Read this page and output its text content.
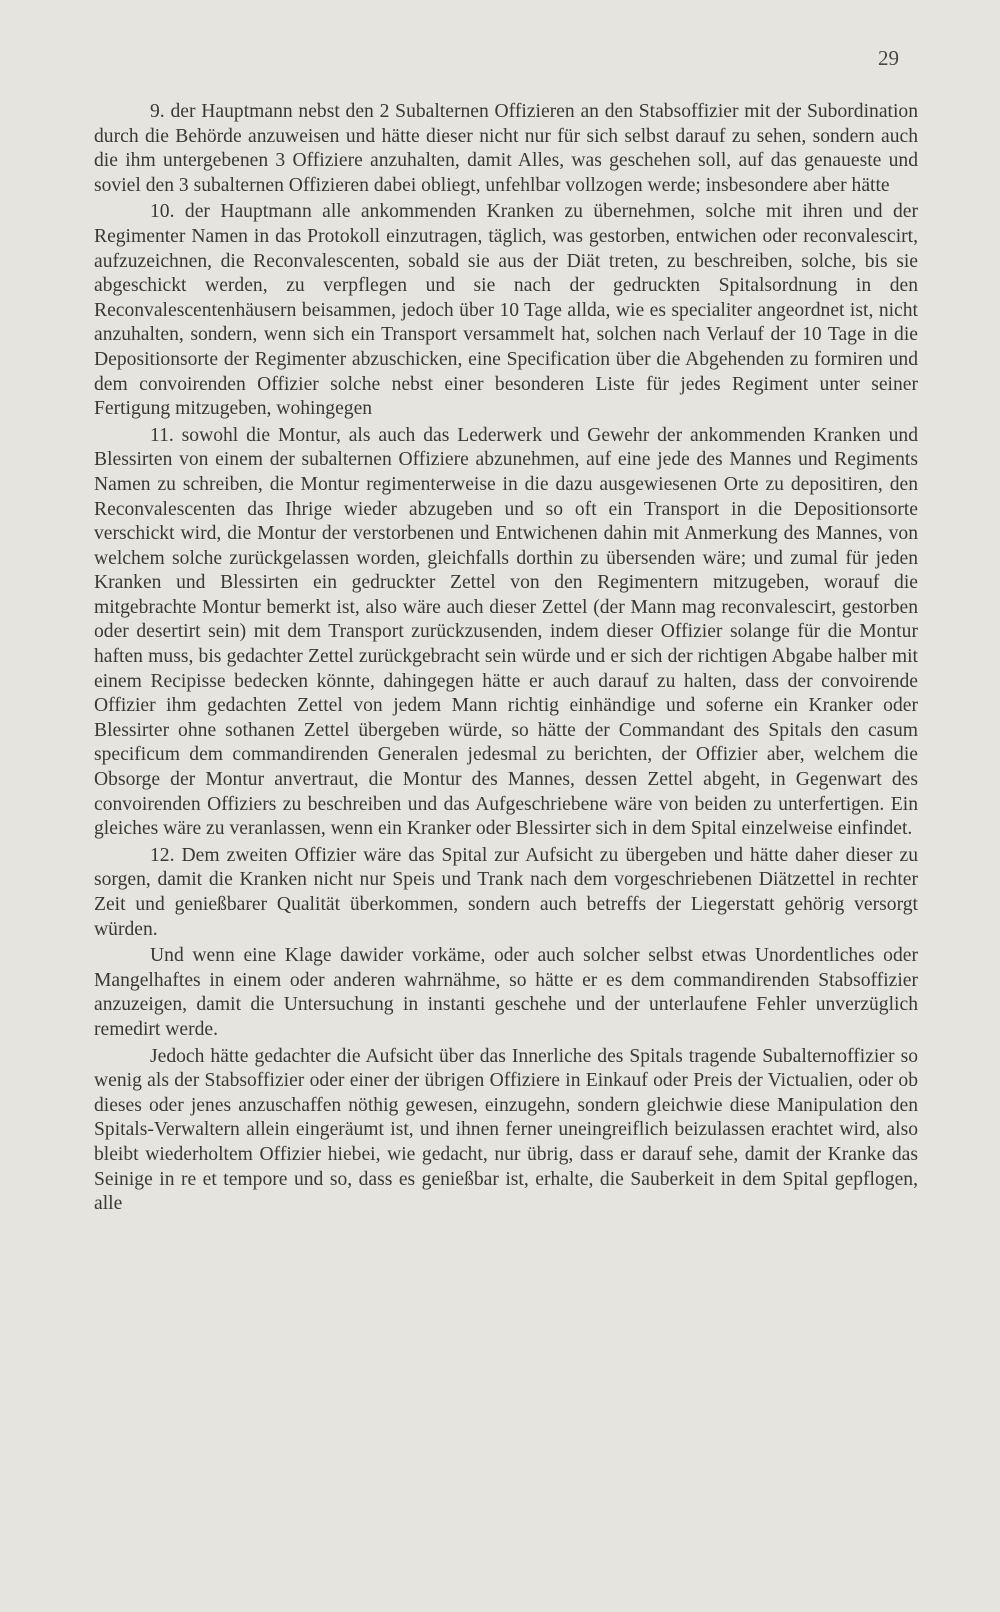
29

9. der Hauptmann nebst den 2 Subalternen Offizieren an den Stabsoffizier mit der Subordination durch die Behörde anzuweisen und hätte dieser nicht nur für sich selbst darauf zu sehen, sondern auch die ihm untergebenen 3 Offiziere anzuhalten, damit Alles, was geschehen soll, auf das genaueste und soviel den 3 subalternen Offizieren dabei obliegt, unfehlbar vollzogen werde; insbesondere aber hätte

10. der Hauptmann alle ankommenden Kranken zu übernehmen, solche mit ihren und der Regimenter Namen in das Protokoll einzutragen, täglich, was gestorben, entwichen oder reconvalescirt, aufzuzeichnen, die Reconvalescenten, sobald sie aus der Diät treten, zu beschreiben, solche, bis sie abgeschickt werden, zu verpflegen und sie nach der gedruckten Spitalsordnung in den Reconvalescentenhäusern beisammen, jedoch über 10 Tage allda, wie es specialiter angeordnet ist, nicht anzuhalten, sondern, wenn sich ein Transport versammelt hat, solchen nach Verlauf der 10 Tage in die Depositionsorte der Regimenter abzuschicken, eine Specification über die Abgehenden zu formiren und dem convoirenden Offizier solche nebst einer besonderen Liste für jedes Regiment unter seiner Fertigung mitzugeben, wohingegen

11. sowohl die Montur, als auch das Lederwerk und Gewehr der ankommenden Kranken und Blessirten von einem der subalternen Offiziere abzunehmen, auf eine jede des Mannes und Regiments Namen zu schreiben, die Montur regimenterweise in die dazu ausgewiesenen Orte zu depositiren, den Reconvalescenten das Ihrige wieder abzugeben und so oft ein Transport in die Depositionsorte verschickt wird, die Montur der verstorbenen und Entwichenen dahin mit Anmerkung des Mannes, von welchem solche zurückgelassen worden, gleichfalls dorthin zu übersenden wäre; und zumal für jeden Kranken und Blessirten ein gedruckter Zettel von den Regimentern mitzugeben, worauf die mitgebrachte Montur bemerkt ist, also wäre auch dieser Zettel (der Mann mag reconvalescirt, gestorben oder desertirt sein) mit dem Transport zurückzusenden, indem dieser Offizier solange für die Montur haften muss, bis gedachter Zettel zurückgebracht sein würde und er sich der richtigen Abgabe halber mit einem Recipisse bedecken könnte, dahingegen hätte er auch darauf zu halten, dass der convoirende Offizier ihm gedachten Zettel von jedem Mann richtig einhändige und soferne ein Kranker oder Blessirter ohne sothanen Zettel übergeben würde, so hätte der Commandant des Spitals den casum specificum dem commandirenden Generalen jedesmal zu berichten, der Offizier aber, welchem die Obsorge der Montur anvertraut, die Montur des Mannes, dessen Zettel abgeht, in Gegenwart des convoirenden Offiziers zu beschreiben und das Aufgeschriebene wäre von beiden zu unterfertigen. Ein gleiches wäre zu veranlassen, wenn ein Kranker oder Blessirter sich in dem Spital einzelweise einfindet.

12. Dem zweiten Offizier wäre das Spital zur Aufsicht zu übergeben und hätte daher dieser zu sorgen, damit die Kranken nicht nur Speis und Trank nach dem vorgeschriebenen Diätzettel in rechter Zeit und genießbarer Qualität überkommen, sondern auch betreffs der Liegerstatt gehörig versorgt würden.

Und wenn eine Klage dawider vorkäme, oder auch solcher selbst etwas Unordentliches oder Mangelhaftes in einem oder anderen wahrnähme, so hätte er es dem commandirenden Stabsoffizier anzuzeigen, damit die Untersuchung in instanti geschehe und der unterlaufene Fehler unverzüglich remedirt werde.

Jedoch hätte gedachter die Aufsicht über das Innerliche des Spitals tragende Subalternoffizier so wenig als der Stabsoffizier oder einer der übrigen Offiziere in Einkauf oder Preis der Victualien, oder ob dieses oder jenes anzuschaffen nöthig gewesen, einzugehn, sondern gleichwie diese Manipulation den Spitals-Verwaltern allein eingeräumt ist, und ihnen ferner uneingreiflich beizulassen erachtet wird, also bleibt wiederholtem Offizier hiebei, wie gedacht, nur übrig, dass er darauf sehe, damit der Kranke das Seinige in re et tempore und so, dass es genießbar ist, erhalte, die Sauberkeit in dem Spital gepflogen, alle
